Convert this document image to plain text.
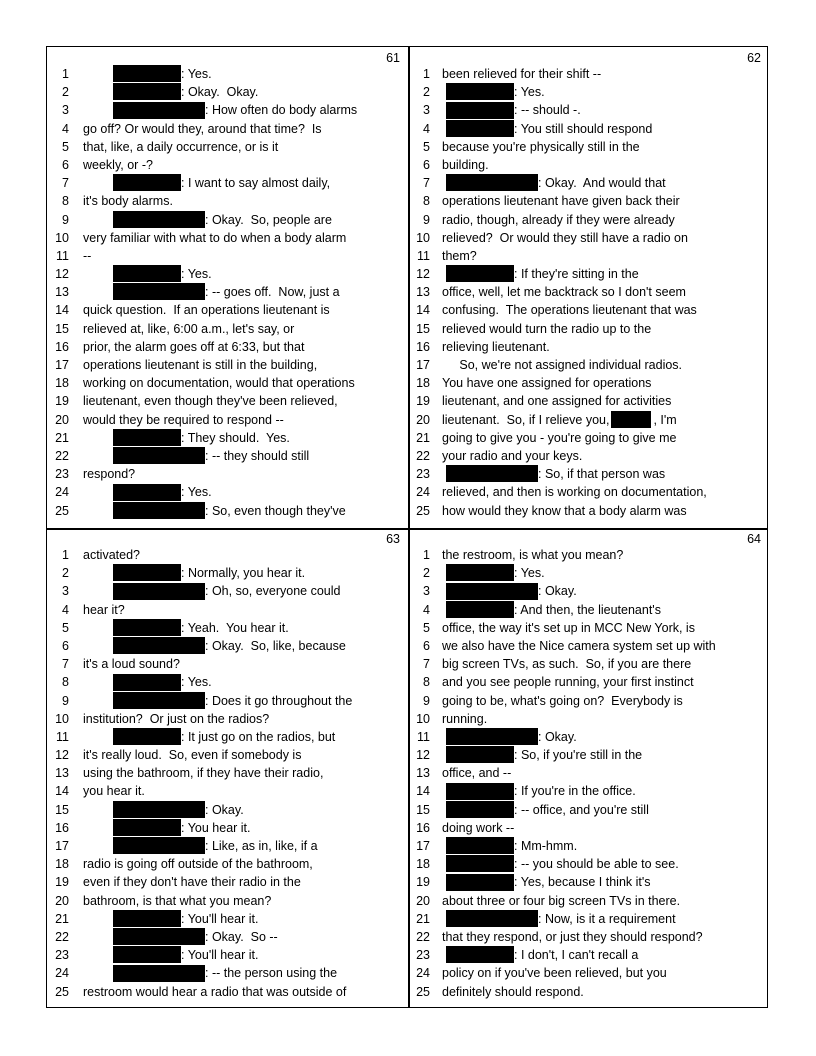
61
1	: Yes.
2	: Okay.  Okay.
3	: How often do body alarms
4 go off? Or would they, around that time?  Is
5 that, like, a daily occurrence, or is it
6 weekly, or -?
7	: I want to say almost daily,
8 it's body alarms.
9	: Okay.  So, people are
10 very familiar with what to do when a body alarm
11 --
12	: Yes.
13	: -- goes off.  Now, just a
14 quick question.  If an operations lieutenant is
15 relieved at, like, 6:00 a.m., let's say, or
16 prior, the alarm goes off at 6:33, but that
17 operations lieutenant is still in the building,
18 working on documentation, would that operations
19 lieutenant, even though they've been relieved,
20 would they be required to respond --
21	: They should.  Yes.
22	: -- they should still
23 respond?
24	: Yes.
25	: So, even though they've
62
1 been relieved for their shift --
2	: Yes.
3	: -- should -.
4	: You still should respond
5 because you're physically still in the
6 building.
7	: Okay.  And would that
8 operations lieutenant have given back their
9 radio, though, already if they were already
10 relieved?  Or would they still have a radio on
11 them?
12	: If they're sitting in the
13 office, well, let me backtrack so I don't seem
14 confusing.  The operations lieutenant that was
15 relieved would turn the radio up to the
16 relieving lieutenant.
17 So, we're not assigned individual radios.
18 You have one assigned for operations
19 lieutenant, and one assigned for activities
20 lieutenant.  So, if I relieve you,	, I'm
21 going to give you - you're going to give me
22 your radio and your keys.
23	: So, if that person was
24 relieved, and then is working on documentation,
25 how would they know that a body alarm was
63
1 activated?
2	: Normally, you hear it.
3	: Oh, so, everyone could
4 hear it?
5	: Yeah.  You hear it.
6	: Okay.  So, like, because
7 it's a loud sound?
8	: Yes.
9	: Does it go throughout the
10 institution?  Or just on the radios?
11	: It just go on the radios, but
12 it's really loud.  So, even if somebody is
13 using the bathroom, if they have their radio,
14 you hear it.
15	: Okay.
16	: You hear it.
17	: Like, as in, like, if a
18 radio is going off outside of the bathroom,
19 even if they don't have their radio in the
20 bathroom, is that what you mean?
21	: You'll hear it.
22	: Okay.  So --
23	: You'll hear it.
24	: -- the person using the
25 restroom would hear a radio that was outside of
64
1 the restroom, is what you mean?
2	: Yes.
3	: Okay.
4	: And then, the lieutenant's
5 office, the way it's set up in MCC New York, is
6 we also have the Nice camera system set up with
7 big screen TVs, as such.  So, if you are there
8 and you see people running, your first instinct
9 going to be, what's going on?  Everybody is
10 running.
11	: Okay.
12	: So, if you're still in the
13 office, and --
14	: If you're in the office.
15	: -- office, and you're still
16 doing work --
17	: Mm-hmm.
18	: -- you should be able to see.
19	: Yes, because I think it's
20 about three or four big screen TVs in there.
21	: Now, is it a requirement
22 that they respond, or just they should respond?
23	: I don't, I can't recall a
24 policy on if you've been relieved, but you
25 definitely should respond.
